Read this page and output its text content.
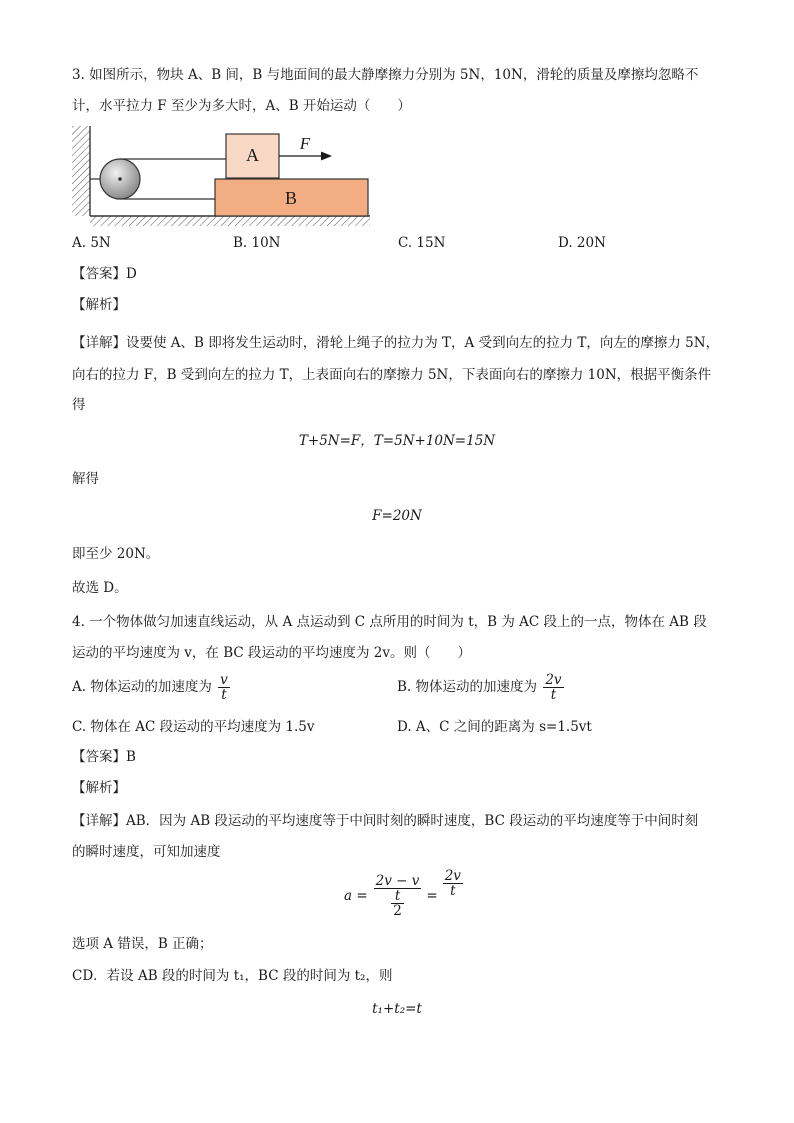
3. 如图所示，物块 A、B 间，B 与地面间的最大静摩擦力分别为 5N，10N，滑轮的质量及摩擦均忽略不
计，水平拉力 F 至少为多大时，A、B 开始运动（　　）
A
B
F
A. 5N	B. 10N	C. 15N	D. 20N
【答案】D
【解析】
【详解】设要使 A、B 即将发生运动时，滑轮上绳子的拉力为 T，A 受到向左的拉力 T，向左的摩擦力 5N，
向右的拉力 F，B 受到向左的拉力 T，上表面向右的摩擦力 5N，下表面向右的摩擦力 10N，根据平衡条件
得
T+5N=F，T=5N+10N=15N
解得
F=20N
即至少 20N。
故选 D。
4. 一个物体做匀加速直线运动，从 A 点运动到 C 点所用的时间为 t，B 为 AC 段上的一点，物体在 AB 段
运动的平均速度为 v，在 BC 段运动的平均速度为 2v。则（　　）
A. 物体运动的加速度为 $\frac{v}{t}$	B. 物体运动的加速度为 $\frac{2v}{t}$
C. 物体在 AC 段运动的平均速度为 1.5v	D. A、C 之间的距离为 s=1.5vt
【答案】B
【解析】
【详解】AB．因为 AB 段运动的平均速度等于中间时刻的瞬时速度，BC 段运动的平均速度等于中间时刻
的瞬时速度，可知加速度
$a = \frac{2v - v}{\frac{t}{2}} = \frac{2v}{t}$
选项 A 错误，B 正确；
CD．若设 AB 段的时间为 t₁，BC 段的时间为 t₂，则
t₁+t₂=t
